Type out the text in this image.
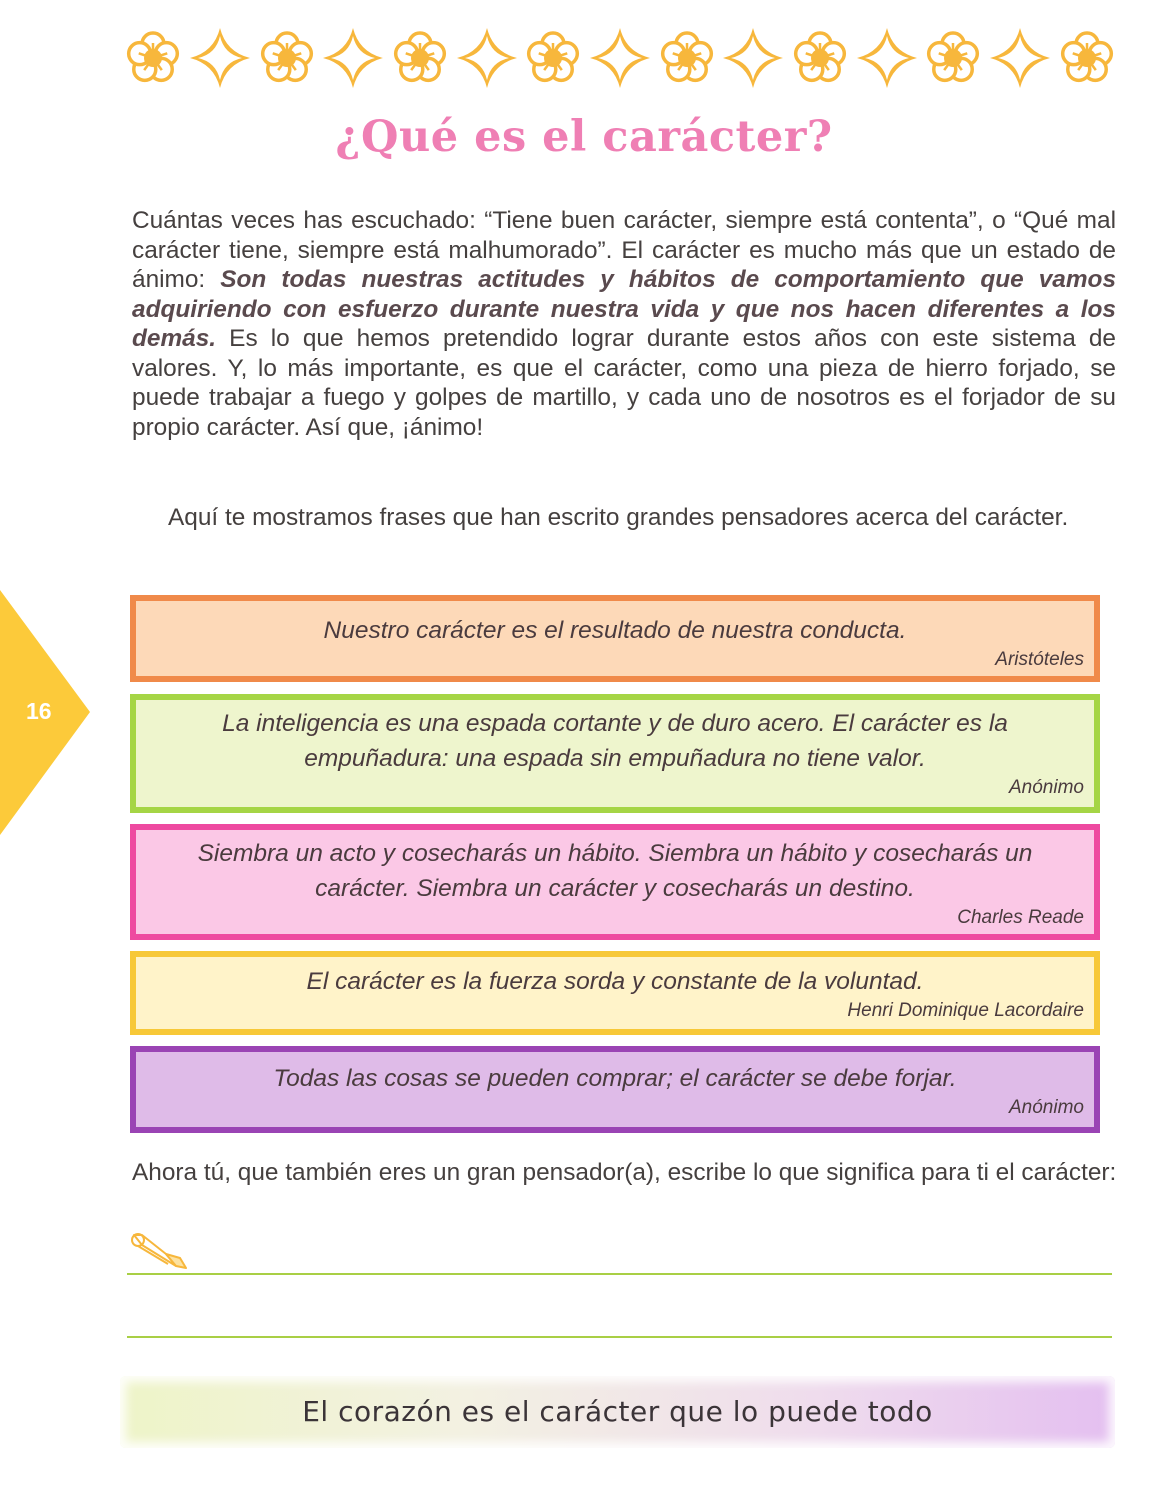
¿Qué es el carácter?

Cuántas veces has escuchado: “Tiene buen carácter, siempre está contenta”, o “Qué mal carácter tiene, siempre está malhumorado”. El carácter es mucho más que un estado de ánimo: Son todas nuestras actitudes y hábitos de comportamiento que vamos adquiriendo con esfuerzo durante nuestra vida y que nos hacen diferentes a los demás. Es lo que hemos pretendido lograr durante estos años con este sistema de valores. Y, lo más importante, es que el carácter, como una pieza de hierro forjado, se puede trabajar a fuego y golpes de martillo, y cada uno de nosotros es el forjador de su propio carácter. Así que, ¡ánimo!

Aquí te mostramos frases que han escrito grandes pensadores acerca del carácter.

16
Nuestro carácter es el resultado de nuestra conducta.
Aristóteles
La inteligencia es una espada cortante y de duro acero. El carácter es la empuñadura: una espada sin empuñadura no tiene valor.
Anónimo
Siembra un acto y cosecharás un hábito. Siembra un hábito y cosecharás un carácter. Siembra un carácter y cosecharás un destino.
Charles Reade
El carácter es la fuerza sorda y constante de la voluntad.
Henri Dominique Lacordaire
Todas las cosas se pueden comprar; el carácter se debe forjar.
Anónimo

Ahora tú, que también eres un gran pensador(a), escribe lo que significa para ti el carácter:

El corazón es el carácter que lo puede todo
